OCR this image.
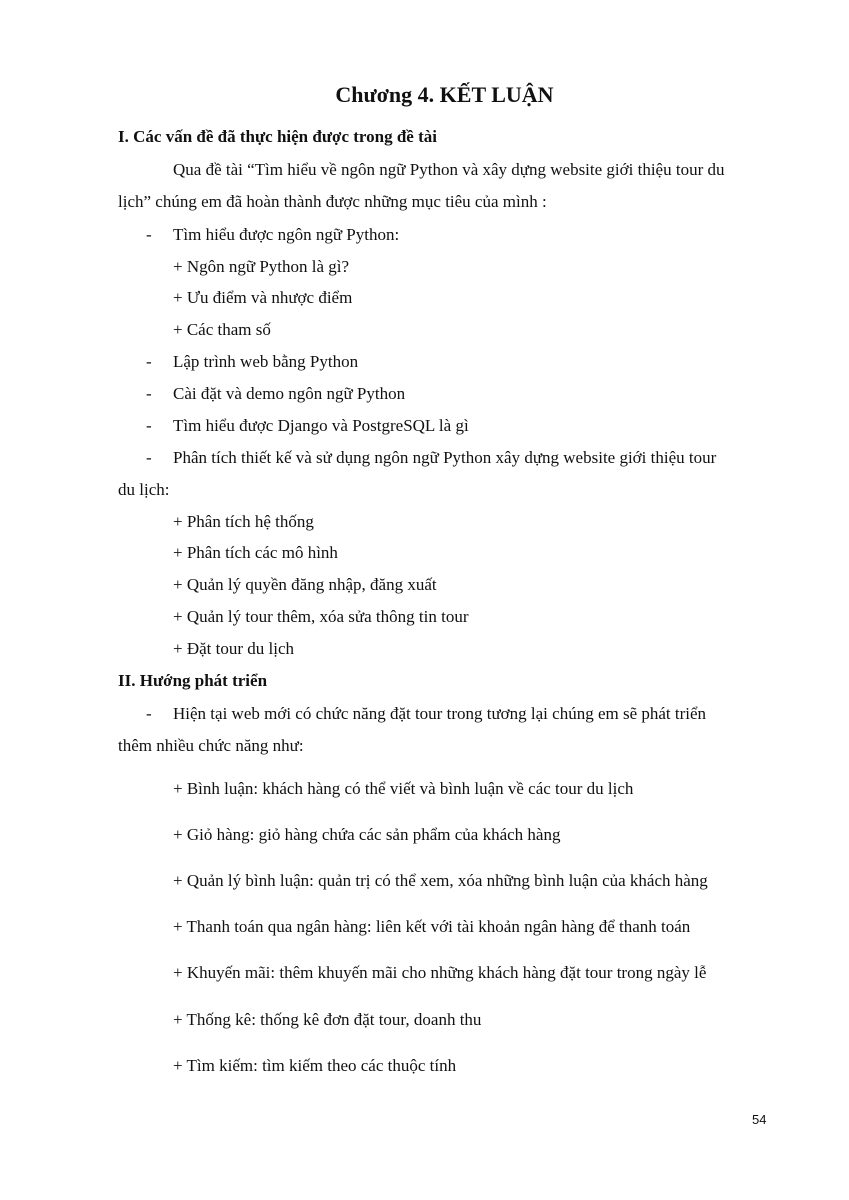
Chương 4. KẾT LUẬN
I. Các vấn đề đã thực hiện được trong đề tài
Qua đề tài “Tìm hiểu về ngôn ngữ Python và xây dựng website giới thiệu tour du
lịch” chúng em đã hoàn thành được những mục tiêu của mình :
- Tìm hiểu được ngôn ngữ Python:
+ Ngôn ngữ Python là gì?
+ Ưu điểm và nhược điểm
+ Các tham số
- Lập trình web bằng Python
- Cài đặt và demo ngôn ngữ Python
- Tìm hiểu được Django và PostgreSQL là gì
- Phân tích thiết kế và sử dụng ngôn ngữ Python xây dựng website giới thiệu tour
du lịch:
+ Phân tích hệ thống
+ Phân tích các mô hình
+ Quản lý quyền đăng nhập, đăng xuất
+ Quản lý tour thêm, xóa sửa thông tin tour
+ Đặt tour du lịch
II. Hướng phát triển
- Hiện tại web mới có chức năng đặt tour trong tương lại chúng em sẽ phát triển
thêm nhiều chức năng như:
+ Bình luận: khách hàng có thể viết và bình luận về các tour du lịch
+ Giỏ hàng: giỏ hàng chứa các sản phẩm của khách hàng
+ Quản lý bình luận: quản trị có thể xem, xóa những bình luận của khách hàng
+ Thanh toán qua ngân hàng: liên kết với tài khoản ngân hàng để thanh toán
+ Khuyến mãi: thêm khuyến mãi cho những khách hàng đặt tour trong ngày lễ
+ Thống kê: thống kê đơn đặt tour, doanh thu
+ Tìm kiếm: tìm kiếm theo các thuộc tính
54
